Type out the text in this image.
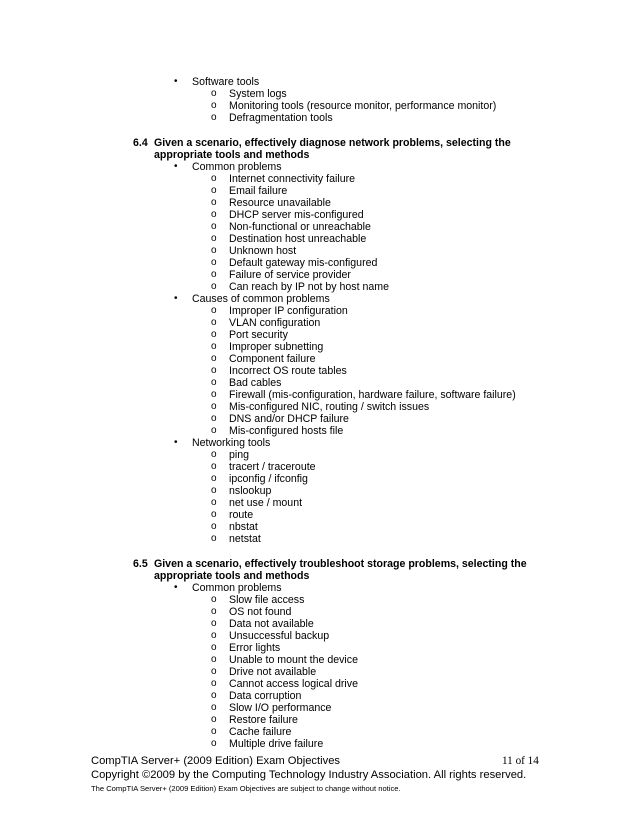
• Software tools
o System logs
o Monitoring tools (resource monitor, performance monitor)
o Defragmentation tools
6.4 Given a scenario, effectively diagnose network problems, selecting the
appropriate tools and methods
• Common problems
o Internet connectivity failure
o Email failure
o Resource unavailable
o DHCP server mis-configured
o Non-functional or unreachable
o Destination host unreachable
o Unknown host
o Default gateway mis-configured
o Failure of service provider
o Can reach by IP not by host name
• Causes of common problems
o Improper IP configuration
o VLAN configuration
o Port security
o Improper subnetting
o Component failure
o Incorrect OS route tables
o Bad cables
o Firewall (mis-configuration, hardware failure, software failure)
o Mis-configured NIC, routing / switch issues
o DNS and/or DHCP failure
o Mis-configured hosts file
• Networking tools
o ping
o tracert / traceroute
o ipconfig / ifconfig
o nslookup
o net use / mount
o route
o nbstat
o netstat
6.5 Given a scenario, effectively troubleshoot storage problems, selecting the
appropriate tools and methods
• Common problems
o Slow file access
o OS not found
o Data not available
o Unsuccessful backup
o Error lights
o Unable to mount the device
o Drive not available
o Cannot access logical drive
o Data corruption
o Slow I/O performance
o Restore failure
o Cache failure
o Multiple drive failure
CompTIA Server+ (2009 Edition) Exam Objectives	11 of 14
Copyright ©2009 by the Computing Technology Industry Association. All rights reserved.
The CompTIA Server+ (2009 Edition) Exam Objectives are subject to change without notice.
